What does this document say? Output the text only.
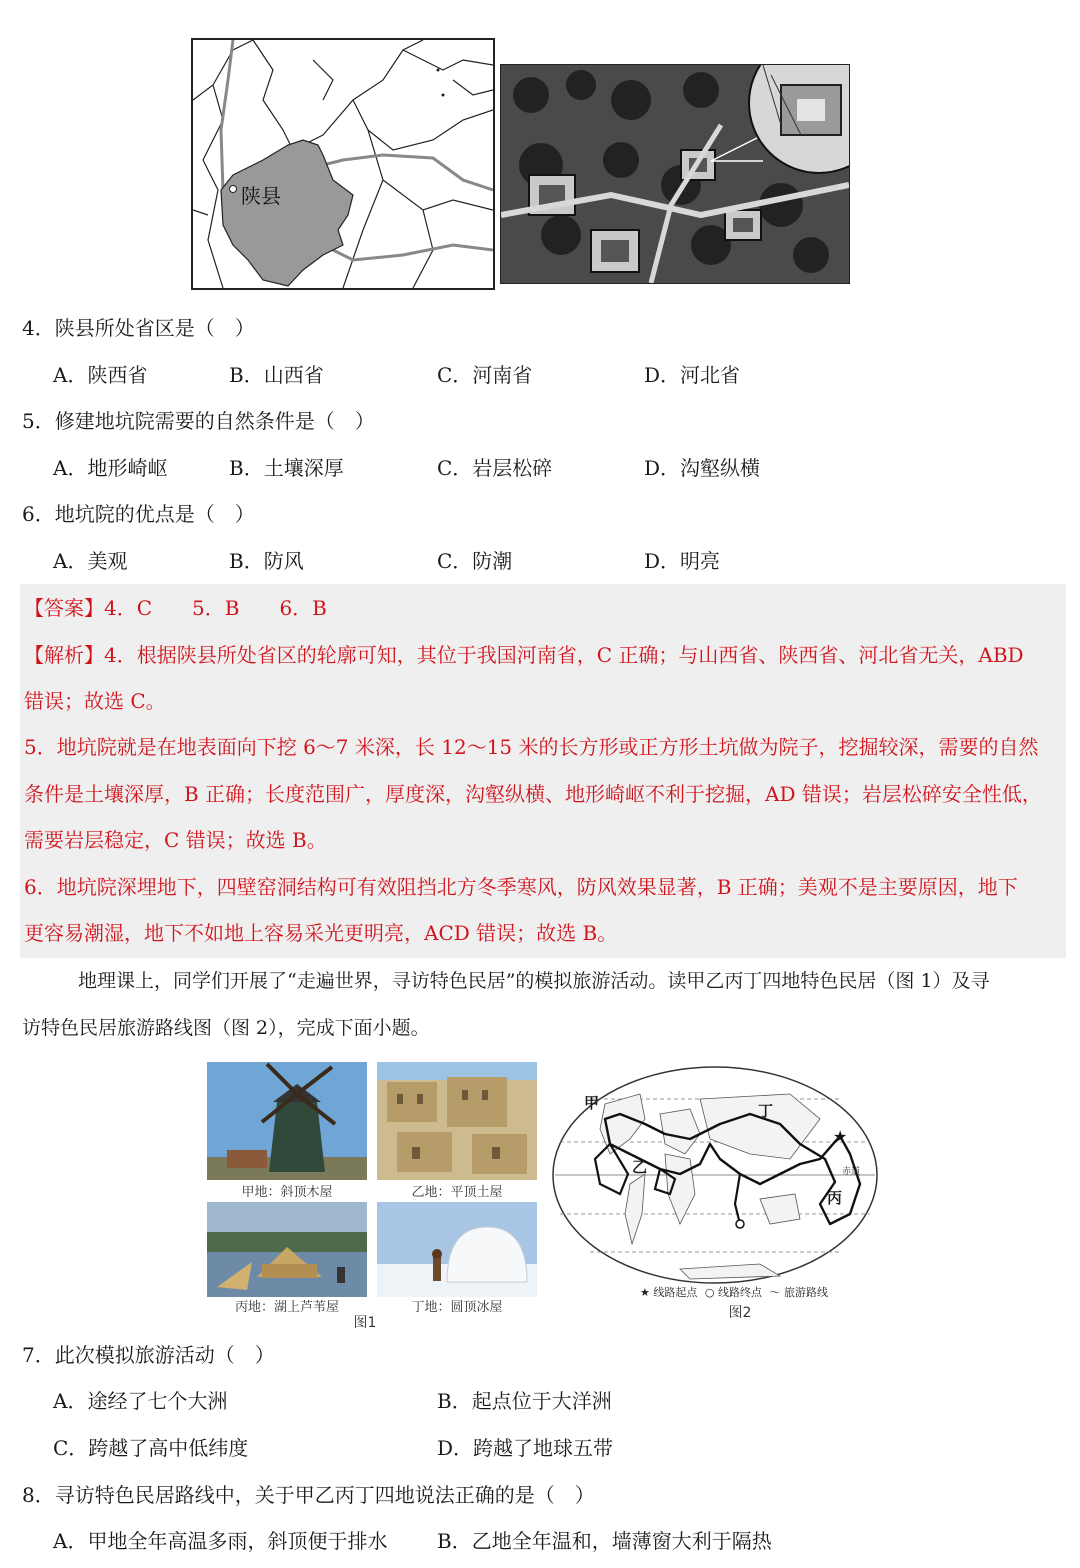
陕县
4．陕县所处省区是（　）
A．陕西省	B．山西省	C．河南省	D．河北省
5．修建地坑院需要的自然条件是（　）
A．地形崎岖	B．土壤深厚	C．岩层松碎	D．沟壑纵横
6．地坑院的优点是（　）
A．美观	B．防风	C．防潮	D．明亮

【答案】4．C　　5．B　　6．B

【解析】4．根据陕县所处省区的轮廓可知，其位于我国河南省，C 正确；与山西省、陕西省、河北省无关，ABD

错误；故选 C。

5．地坑院就是在地表面向下挖 6～7 米深，长 12～15 米的长方形或正方形土坑做为院子，挖掘较深，需要的自然

条件是土壤深厚，B 正确；长度范围广，厚度深，沟壑纵横、地形崎岖不利于挖掘，AD 错误；岩层松碎安全性低，

需要岩层稳定，C 错误；故选 B。

6．地坑院深埋地下，四壁窑洞结构可有效阻挡北方冬季寒风，防风效果显著，B 正确；美观不是主要原因，地下

更容易潮湿，地下不如地上容易采光更明亮，ACD 错误；故选 B。

地理课上，同学们开展了“走遍世界，寻访特色民居”的模拟旅游活动。读甲乙丙丁四地特色民居（图 1）及寻
访特色民居旅游路线图（图 2），完成下面小题。
甲地：斜顶木屋	乙地：平顶土屋
丙地：湖上芦苇屋	丁地：圆顶冰屋
图1
★
甲
乙
丙
丁
赤道
★ 线路起点 ○ 线路终点 〜 旅游路线
图2
7．此次模拟旅游活动（　）
A．途经了七个大洲	B．起点位于大洋洲
C．跨越了高中低纬度	D．跨越了地球五带
8．寻访特色民居路线中，关于甲乙丙丁四地说法正确的是（　）
A．甲地全年高温多雨，斜顶便于排水 B．乙地全年温和，墙薄窗大利于隔热
